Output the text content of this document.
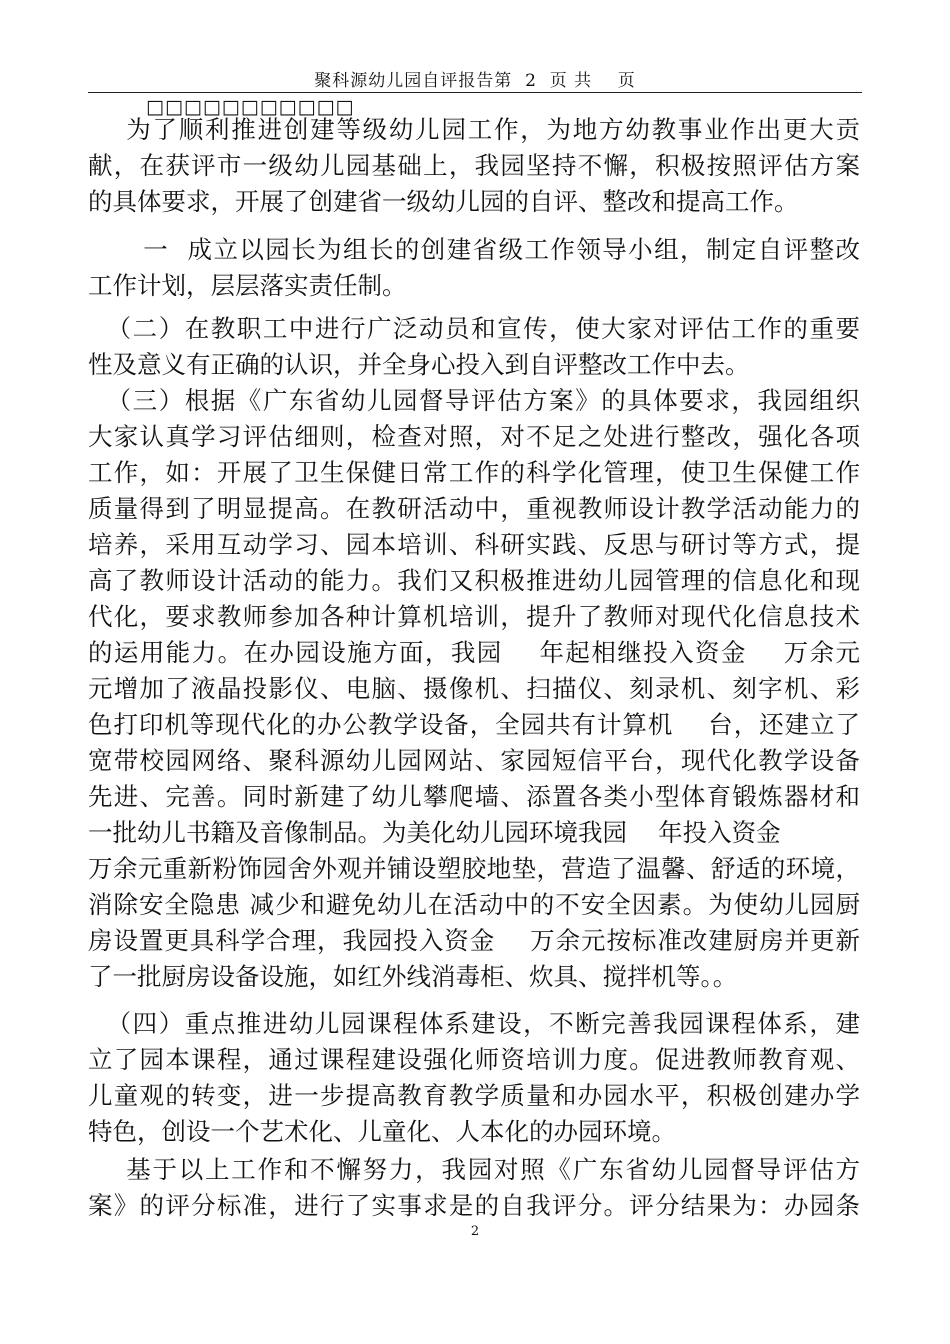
聚科源幼儿园自评报告第  2  页 共    页
□□□□□□□□□□□
为了顺利推进创建等级幼儿园工作，为地方幼教事业作出更大贡
献，在获评市一级幼儿园基础上，我园坚持不懈，积极按照评估方案
的具体要求，开展了创建省一级幼儿园的自评、整改和提高工作。
一  成立以园长为组长的创建省级工作领导小组，制定自评整改
工作计划，层层落实责任制。
（二）在教职工中进行广泛动员和宣传，使大家对评估工作的重要
性及意义有正确的认识，并全身心投入到自评整改工作中去。
（三）根据《广东省幼儿园督导评估方案》的具体要求，我园组织
大家认真学习评估细则，检查对照，对不足之处进行整改，强化各项
工作，如：开展了卫生保健日常工作的科学化管理，使卫生保健工作
质量得到了明显提高。在教研活动中，重视教师设计教学活动能力的
培养，采用互动学习、园本培训、科研实践、反思与研讨等方式，提
高了教师设计活动的能力。我们又积极推进幼儿园管理的信息化和现
代化，要求教师参加各种计算机培训，提升了教师对现代化信息技术
的运用能力。在办园设施方面，我园    年起相继投入资金    万余元
元增加了液晶投影仪、电脑、摄像机、扫描仪、刻录机、刻字机、彩
色打印机等现代化的办公教学设备，全园共有计算机    台，还建立了
宽带校园网络、聚科源幼儿园网站、家园短信平台，现代化教学设备
先进、完善。同时新建了幼儿攀爬墙、添置各类小型体育锻炼器材和
一批幼儿书籍及音像制品。为美化幼儿园环境我园    年投入资金
万余元重新粉饰园舍外观并铺设塑胶地垫，营造了温馨、舒适的环境，
消除安全隐患 减少和避免幼儿在活动中的不安全因素。为使幼儿园厨
房设置更具科学合理，我园投入资金    万余元按标准改建厨房并更新
了一批厨房设备设施，如红外线消毒柜、炊具、搅拌机等。。
（四）重点推进幼儿园课程体系建设，不断完善我园课程体系，建
立了园本课程，通过课程建设强化师资培训力度。促进教师教育观、
儿童观的转变，进一步提高教育教学质量和办园水平，积极创建办学
特色，创设一个艺术化、儿童化、人本化的办园环境。
基于以上工作和不懈努力，我园对照《广东省幼儿园督导评估方
案》的评分标准，进行了实事求是的自我评分。评分结果为：办园条
2
